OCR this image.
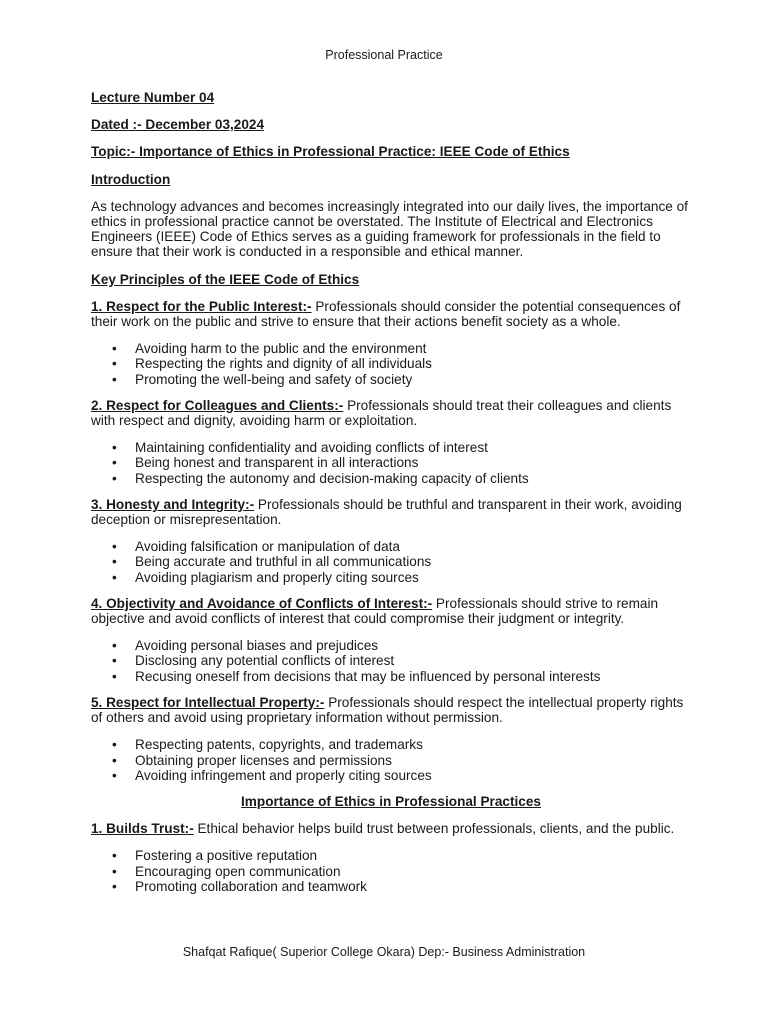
Professional Practice
Lecture Number 04
Dated :- December 03,2024
Topic:- Importance of Ethics in Professional Practice: IEEE Code of Ethics
Introduction

As technology advances and becomes increasingly integrated into our daily lives, the importance of ethics in professional practice cannot be overstated. The Institute of Electrical and Electronics Engineers (IEEE) Code of Ethics serves as a guiding framework for professionals in the field to ensure that their work is conducted in a responsible and ethical manner.

Key Principles of the IEEE Code of Ethics

1. Respect for the Public Interest:- Professionals should consider the potential consequences of their work on the public and strive to ensure that their actions benefit society as a whole.

• Avoiding harm to the public and the environment
• Respecting the rights and dignity of all individuals
• Promoting the well-being and safety of society

2. Respect for Colleagues and Clients:- Professionals should treat their colleagues and clients with respect and dignity, avoiding harm or exploitation.

• Maintaining confidentiality and avoiding conflicts of interest
• Being honest and transparent in all interactions
• Respecting the autonomy and decision-making capacity of clients

3. Honesty and Integrity:- Professionals should be truthful and transparent in their work, avoiding deception or misrepresentation.

• Avoiding falsification or manipulation of data
• Being accurate and truthful in all communications
• Avoiding plagiarism and properly citing sources

4. Objectivity and Avoidance of Conflicts of Interest:- Professionals should strive to remain objective and avoid conflicts of interest that could compromise their judgment or integrity.

• Avoiding personal biases and prejudices
• Disclosing any potential conflicts of interest
• Recusing oneself from decisions that may be influenced by personal interests

5. Respect for Intellectual Property:- Professionals should respect the intellectual property rights of others and avoid using proprietary information without permission.

• Respecting patents, copyrights, and trademarks
• Obtaining proper licenses and permissions
• Avoiding infringement and properly citing sources
Importance of Ethics in Professional Practices

1. Builds Trust:- Ethical behavior helps build trust between professionals, clients, and the public.

• Fostering a positive reputation
• Encouraging open communication
• Promoting collaboration and teamwork
Shafqat Rafique( Superior College Okara) Dep:- Business Administration
